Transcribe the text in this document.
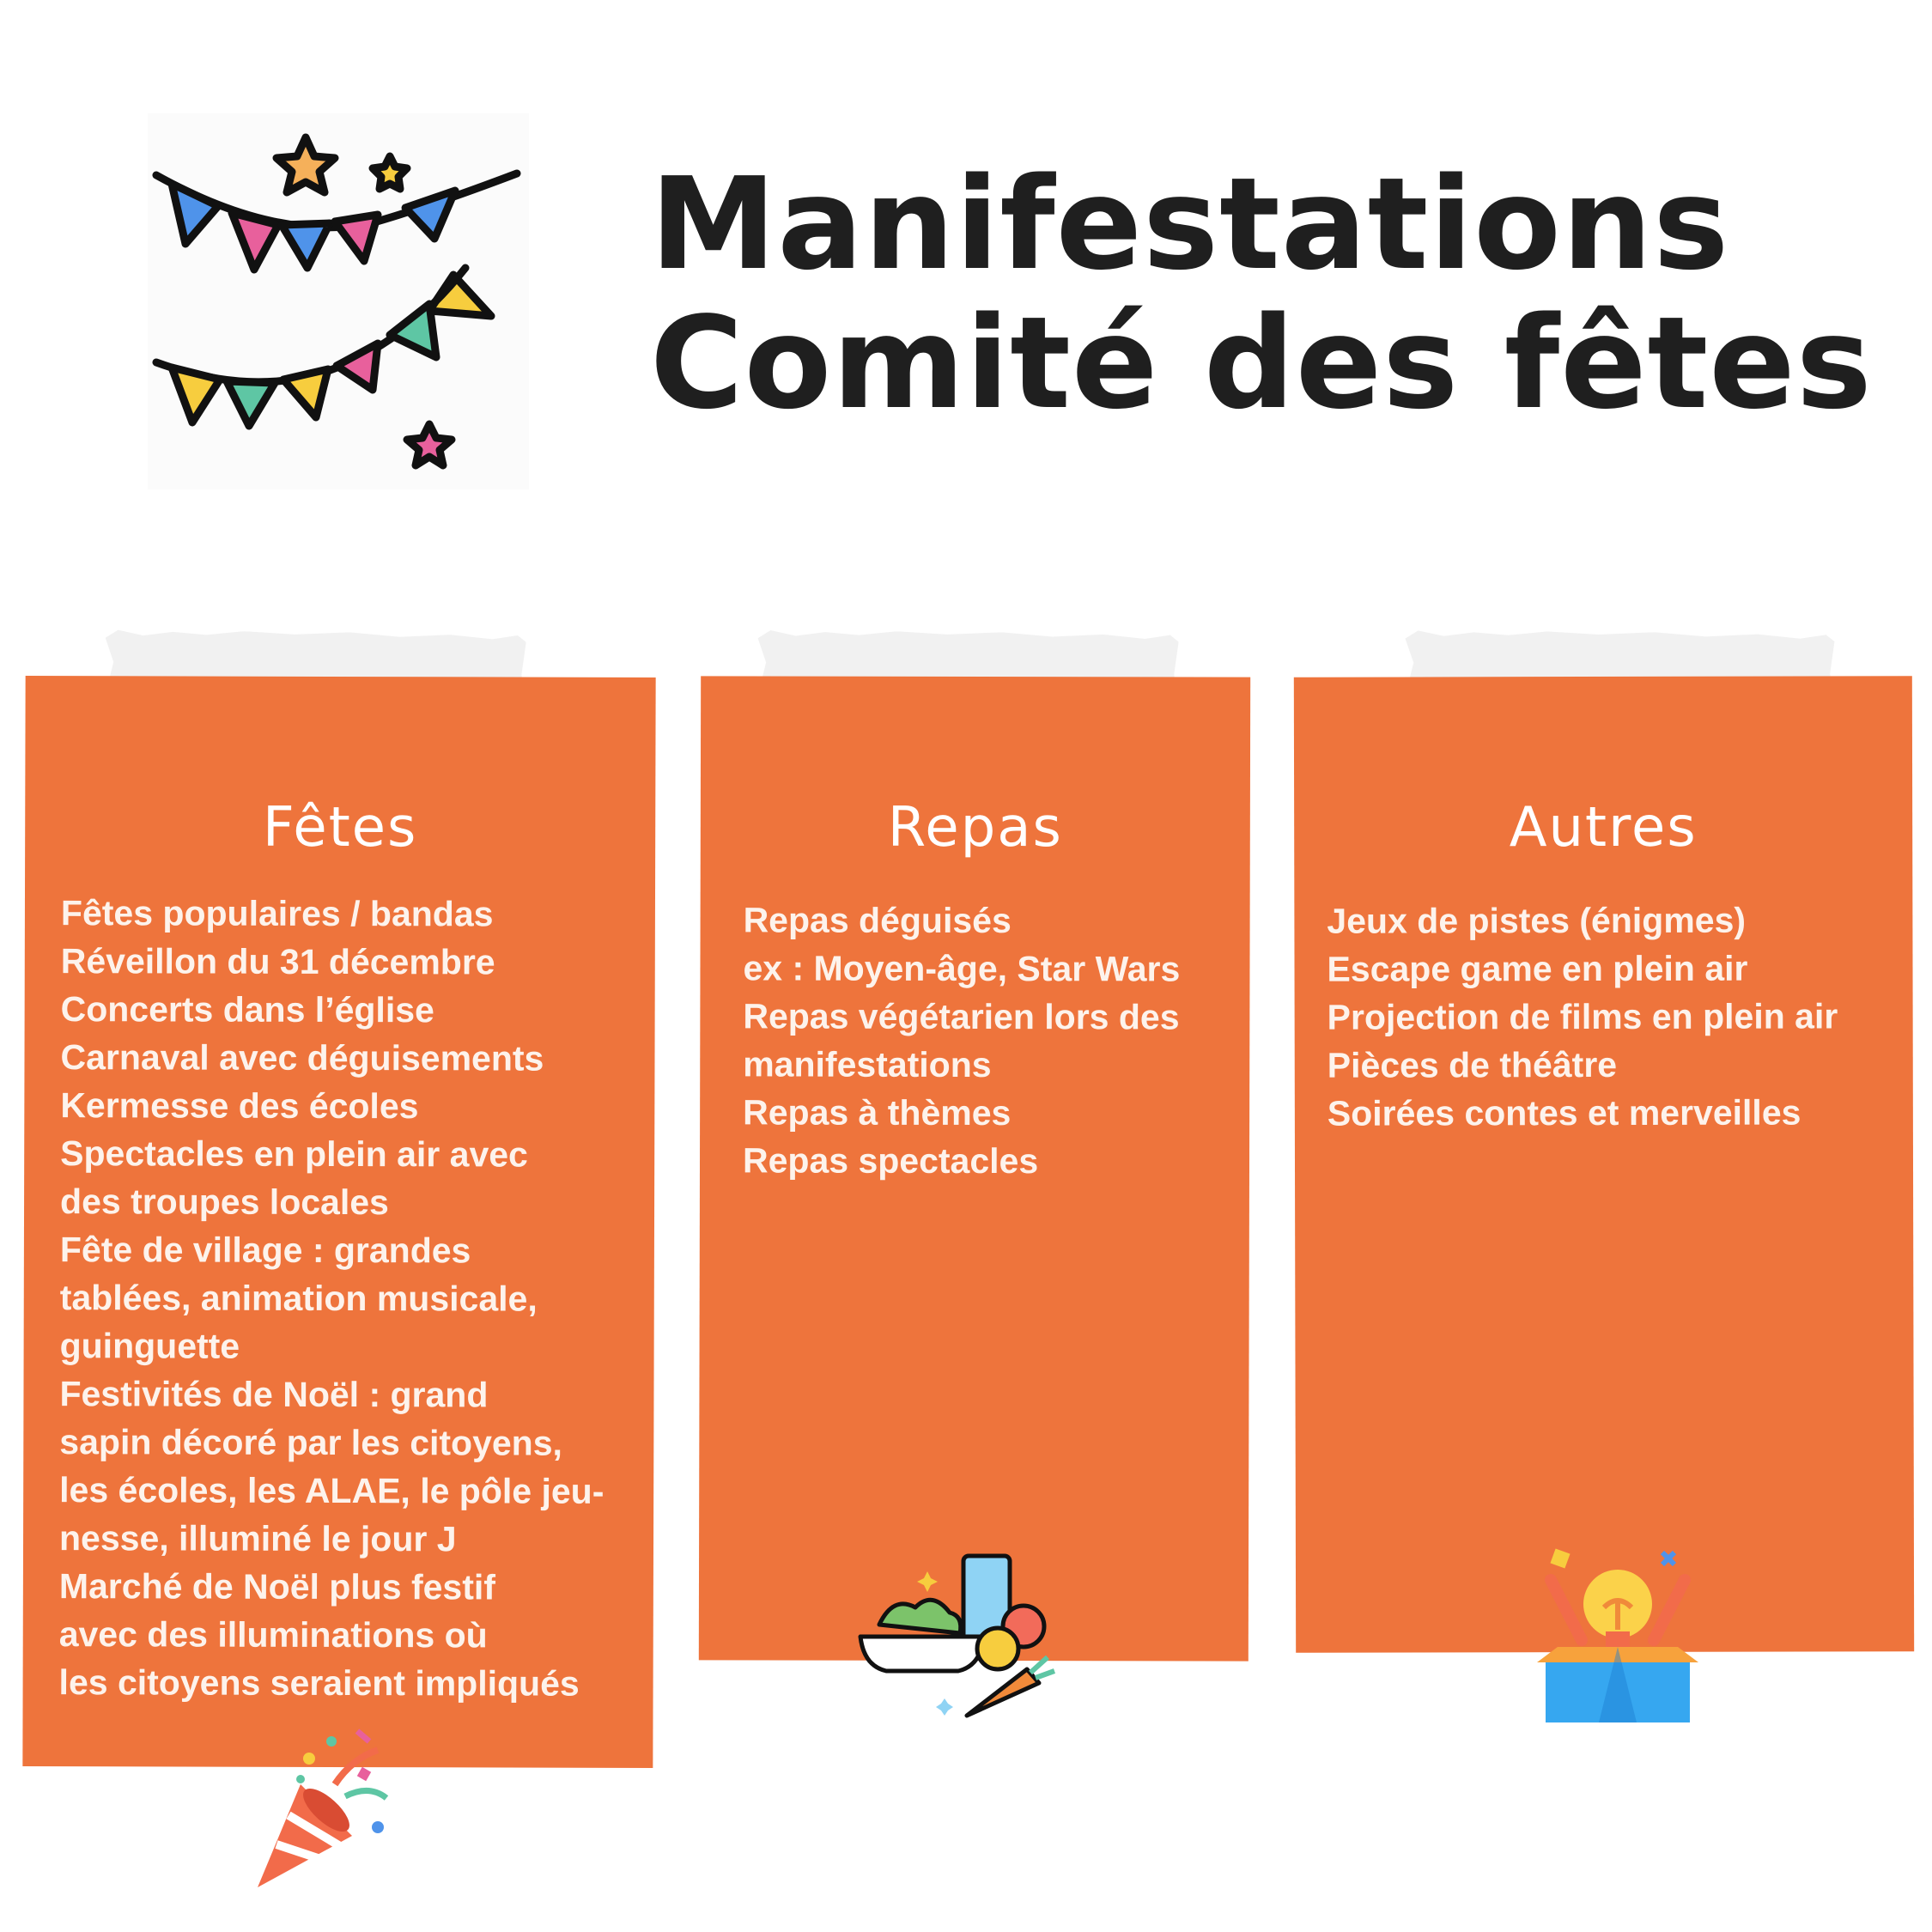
Manifestations
Comité des fêtes
Fêtes
Fêtes populaires / bandas
Réveillon du 31 décembre
Concerts dans l’église
Carnaval avec déguisements
Kermesse des écoles
Spectacles en plein air avec
des troupes locales
Fête de village : grandes
tablées, animation musicale,
guinguette
Festivités de Noël : grand
sapin décoré par les citoyens,
les écoles, les ALAE, le pôle jeu-
nesse, illuminé le jour J
Marché de Noël plus festif
avec des illuminations où
les citoyens seraient impliqués
Repas
Repas déguisés
ex : Moyen-âge, Star Wars
Repas végétarien lors des
manifestations
Repas à thèmes
Repas spectacles
Autres
Jeux de pistes (énigmes)
Escape game en plein air
Projection de films en plein air
Pièces de théâtre
Soirées contes et merveilles
